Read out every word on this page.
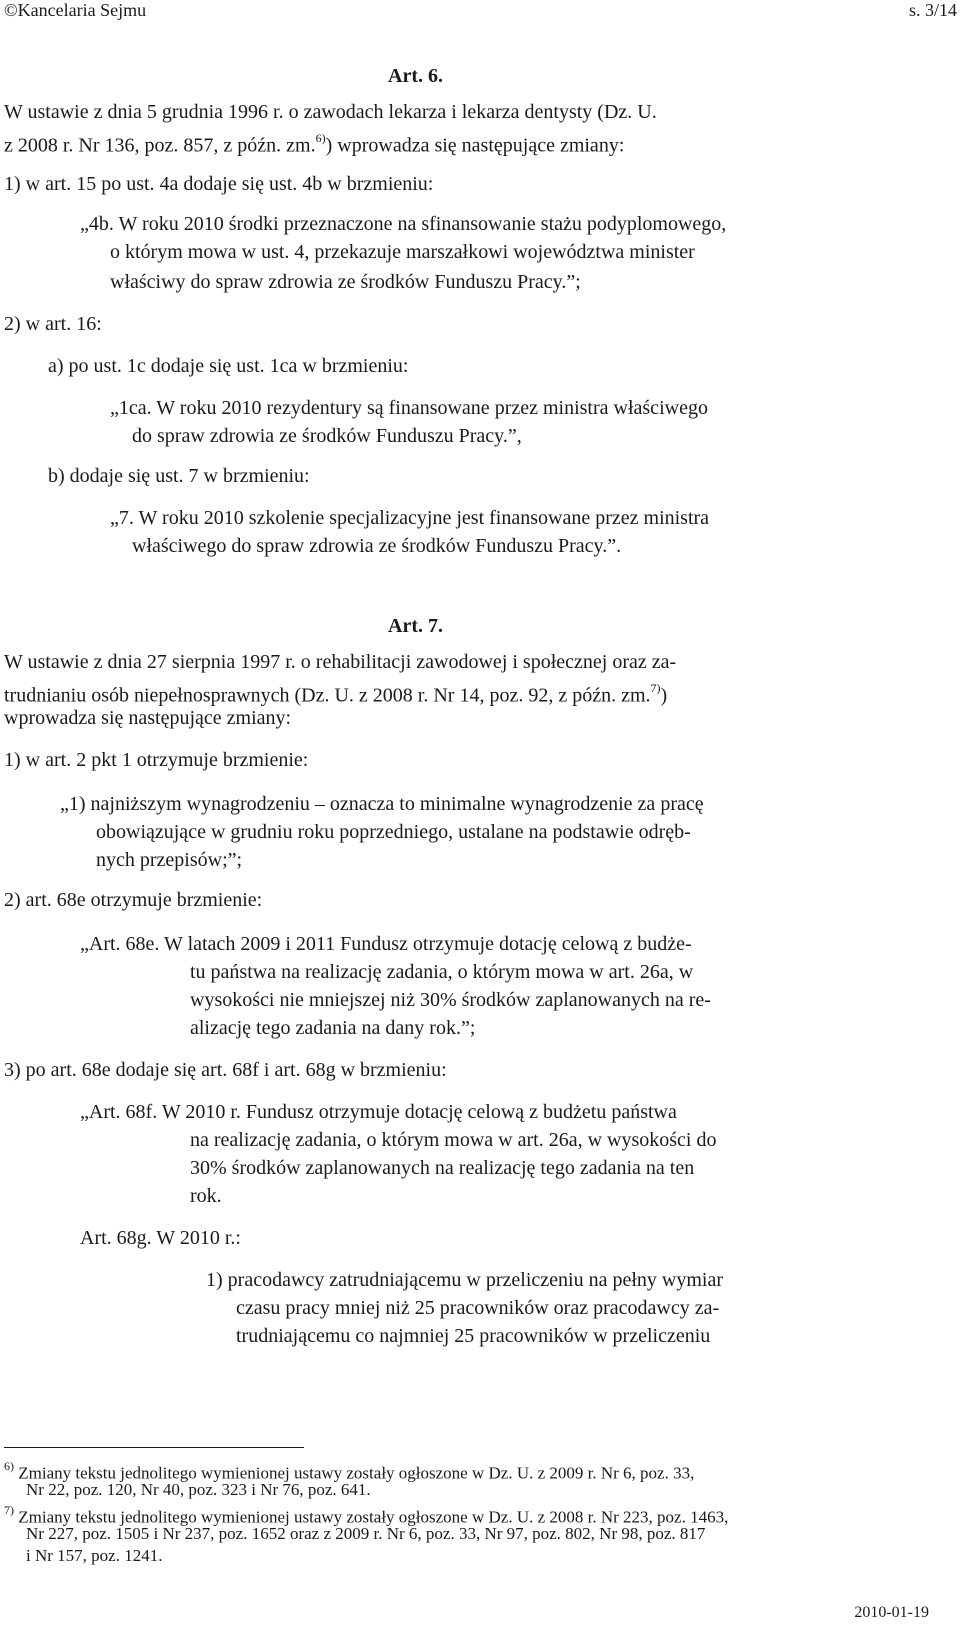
©Kancelaria Sejmu	s. 3/14
Art. 6.
W ustawie z dnia 5 grudnia 1996 r. o zawodach lekarza i lekarza dentysty (Dz. U.
z 2008 r. Nr 136, poz. 857, z późn. zm.$^{6)}$) wprowadza się następujące zmiany:
1) w art. 15 po ust. 4a dodaje się ust. 4b w brzmieniu:
„4b. W roku 2010 środki przeznaczone na sfinansowanie stażu podyplomowego,
o którym mowa w ust. 4, przekazuje marszałkowi województwa minister
właściwy do spraw zdrowia ze środków Funduszu Pracy.”;
2) w art. 16:
a) po ust. 1c dodaje się ust. 1ca w brzmieniu:
„1ca. W roku 2010 rezydentury są finansowane przez ministra właściwego
do spraw zdrowia ze środków Funduszu Pracy.”,
b) dodaje się ust. 7 w brzmieniu:
„7. W roku 2010 szkolenie specjalizacyjne jest finansowane przez ministra
właściwego do spraw zdrowia ze środków Funduszu Pracy.”.
Art. 7.
W ustawie z dnia 27 sierpnia 1997 r. o rehabilitacji zawodowej i społecznej oraz za-
trudnianiu osób niepełnosprawnych (Dz. U. z 2008 r. Nr 14, poz. 92, z późn. zm.$^{7)}$)
wprowadza się następujące zmiany:
1) w art. 2 pkt 1 otrzymuje brzmienie:
„1) najniższym wynagrodzeniu – oznacza to minimalne wynagrodzenie za pracę
obowiązujące w grudniu roku poprzedniego, ustalane na podstawie odręb-
nych przepisów;”;
2) art. 68e otrzymuje brzmienie:
„Art. 68e. W latach 2009 i 2011 Fundusz otrzymuje dotację celową z budże-
tu państwa na realizację zadania, o którym mowa w art. 26a, w
wysokości nie mniejszej niż 30% środków zaplanowanych na re-
alizację tego zadania na dany rok.”;
3) po art. 68e dodaje się art. 68f i art. 68g w brzmieniu:
„Art. 68f. W 2010 r. Fundusz otrzymuje dotację celową z budżetu państwa
na realizację zadania, o którym mowa w art. 26a, w wysokości do
30% środków zaplanowanych na realizację tego zadania na ten
rok.
Art. 68g. W 2010 r.:
1) pracodawcy zatrudniającemu w przeliczeniu na pełny wymiar
czasu pracy mniej niż 25 pracowników oraz pracodawcy za-
trudniającemu co najmniej 25 pracowników w przeliczeniu
$^{6)}$ Zmiany tekstu jednolitego wymienionej ustawy zostały ogłoszone w Dz. U. z 2009 r. Nr 6, poz. 33,
Nr 22, poz. 120, Nr 40, poz. 323 i Nr 76, poz. 641.
$^{7)}$ Zmiany tekstu jednolitego wymienionej ustawy zostały ogłoszone w Dz. U. z 2008 r. Nr 223, poz. 1463,
Nr 227, poz. 1505 i Nr 237, poz. 1652 oraz z 2009 r. Nr 6, poz. 33, Nr 97, poz. 802, Nr 98, poz. 817
i Nr 157, poz. 1241.
2010-01-19
